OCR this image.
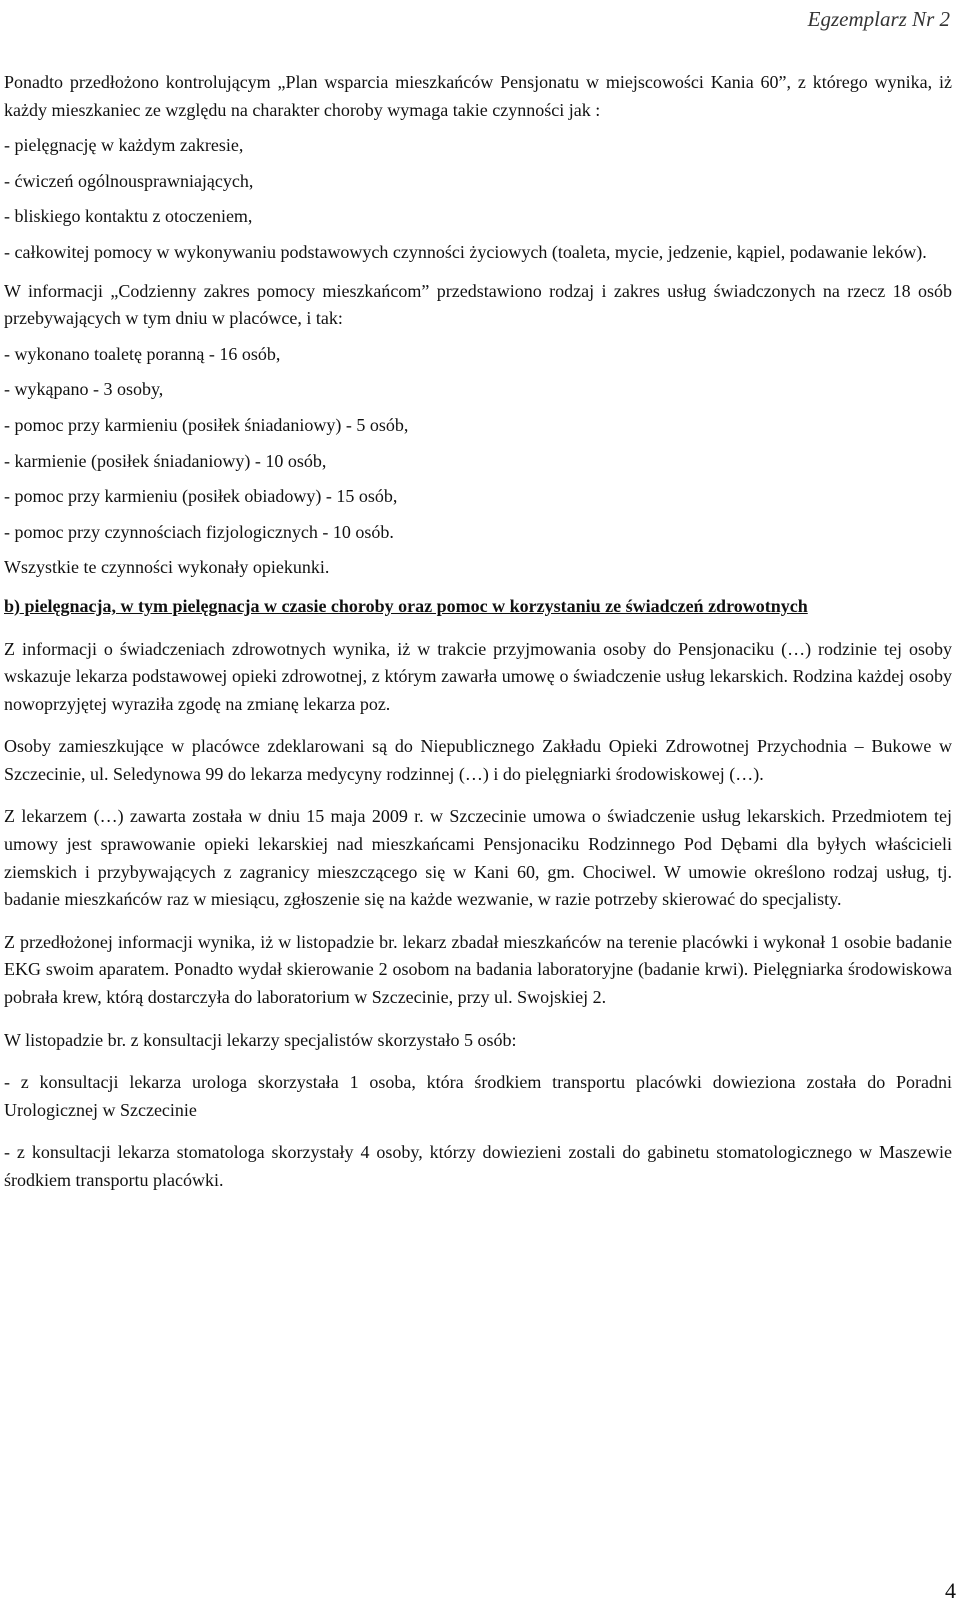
Egzemplarz Nr 2

Ponadto przedłożono kontrolującym „Plan wsparcia mieszkańców Pensjonatu w miejscowości Kania 60”, z którego wynika, iż każdy mieszkaniec ze względu na charakter choroby wymaga takie czynności jak :

- pielęgnację w każdym zakresie,

- ćwiczeń ogólnousprawniających,

- bliskiego kontaktu z otoczeniem,

- całkowitej pomocy w wykonywaniu podstawowych czynności życiowych (toaleta, mycie, jedzenie, kąpiel, podawanie leków).

W informacji „Codzienny zakres pomocy mieszkańcom” przedstawiono rodzaj i zakres usług świadczonych na rzecz 18 osób przebywających w tym dniu w placówce, i tak:

- wykonano toaletę poranną - 16 osób,

- wykąpano - 3 osoby,

- pomoc przy karmieniu (posiłek śniadaniowy) - 5 osób,

- karmienie (posiłek śniadaniowy) - 10 osób,

- pomoc przy karmieniu (posiłek obiadowy) - 15 osób,

- pomoc przy czynnościach fizjologicznych - 10 osób.

Wszystkie te czynności wykonały opiekunki.

b) pielęgnacja, w tym pielęgnacja w czasie choroby oraz pomoc w korzystaniu ze świadczeń zdrowotnych

Z informacji o świadczeniach zdrowotnych wynika, iż w trakcie przyjmowania osoby do Pensjonaciku (…) rodzinie tej osoby wskazuje lekarza podstawowej opieki zdrowotnej, z którym zawarła umowę o świadczenie usług lekarskich. Rodzina każdej osoby nowoprzyjętej wyraziła zgodę na zmianę lekarza poz.

Osoby zamieszkujące w placówce zdeklarowani są do Niepublicznego Zakładu Opieki Zdrowotnej Przychodnia – Bukowe w Szczecinie, ul. Seledynowa 99 do lekarza medycyny rodzinnej (…) i do pielęgniarki środowiskowej (…).

Z lekarzem (…) zawarta została w dniu 15 maja 2009 r. w Szczecinie umowa o świadczenie usług lekarskich. Przedmiotem tej umowy jest sprawowanie opieki lekarskiej nad mieszkańcami Pensjonaciku Rodzinnego Pod Dębami dla byłych właścicieli ziemskich i przybywających z zagranicy mieszczącego się w Kani 60, gm. Chociwel. W umowie określono rodzaj usług, tj. badanie mieszkańców raz w miesiącu, zgłoszenie się na każde wezwanie, w razie potrzeby skierować do specjalisty.

Z przedłożonej informacji wynika, iż w listopadzie br. lekarz zbadał mieszkańców na terenie placówki i wykonał 1 osobie badanie EKG swoim aparatem. Ponadto wydał skierowanie 2 osobom na badania laboratoryjne (badanie krwi). Pielęgniarka środowiskowa pobrała krew, którą dostarczyła do laboratorium w Szczecinie, przy ul. Swojskiej 2.

W listopadzie br. z konsultacji lekarzy specjalistów skorzystało 5 osób:

- z konsultacji lekarza urologa skorzystała 1 osoba, która środkiem transportu placówki dowieziona została do Poradni Urologicznej w Szczecinie

- z konsultacji lekarza stomatologa skorzystały 4 osoby, którzy dowiezieni zostali do gabinetu stomatologicznego w Maszewie środkiem transportu placówki.

4
